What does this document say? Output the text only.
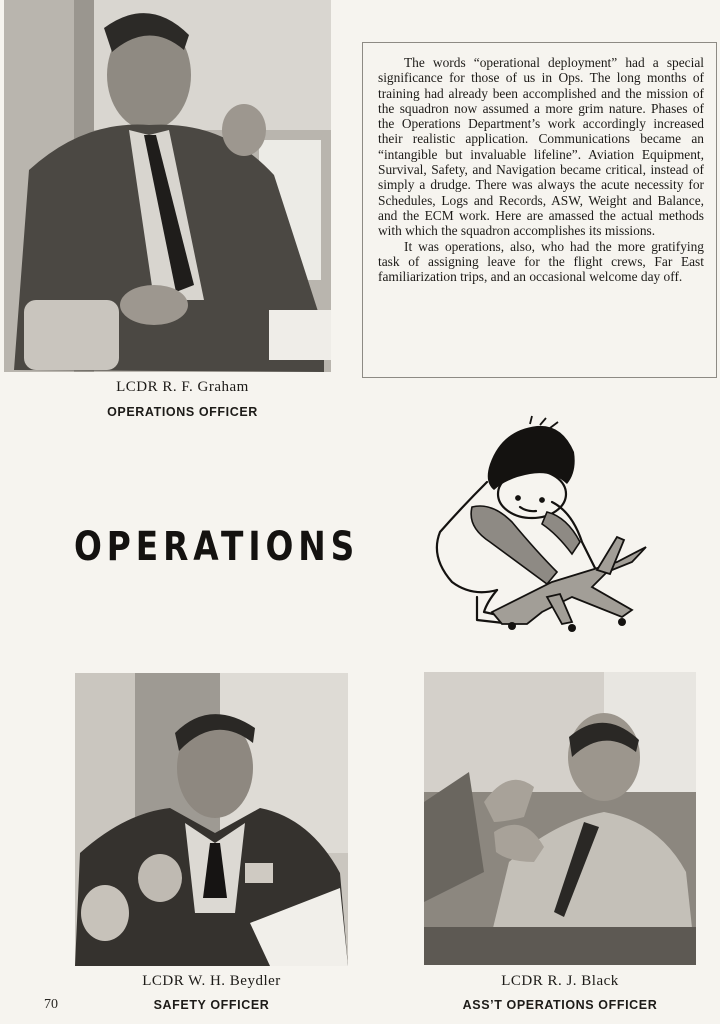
LCDR R. F. Graham
OPERATIONS OFFICER

The words “operational deployment” had a special significance for those of us in Ops. The long months of training had already been accomplished and the mission of the squadron now assumed a more grim nature. Phases of the Operations Department’s work accordingly increased their realistic application. Communications became an “intangible but invaluable lifeline”. Aviation Equipment, Survival, Safety, and Navigation became critical, instead of simply a drudge. There was always the acute necessity for Schedules, Logs and Records, ASW, Weight and Balance, and the ECM work. Here are amassed the actual methods with which the squadron accomplishes its missions.

It was operations, also, who had the more gratifying task of assigning leave for the flight crews, Far East familiarization trips, and an occasional welcome day off.

OPERATIONS
LCDR W. H. Beydler
SAFETY OFFICER
LCDR R. J. Black
ASS’T OPERATIONS OFFICER
70
